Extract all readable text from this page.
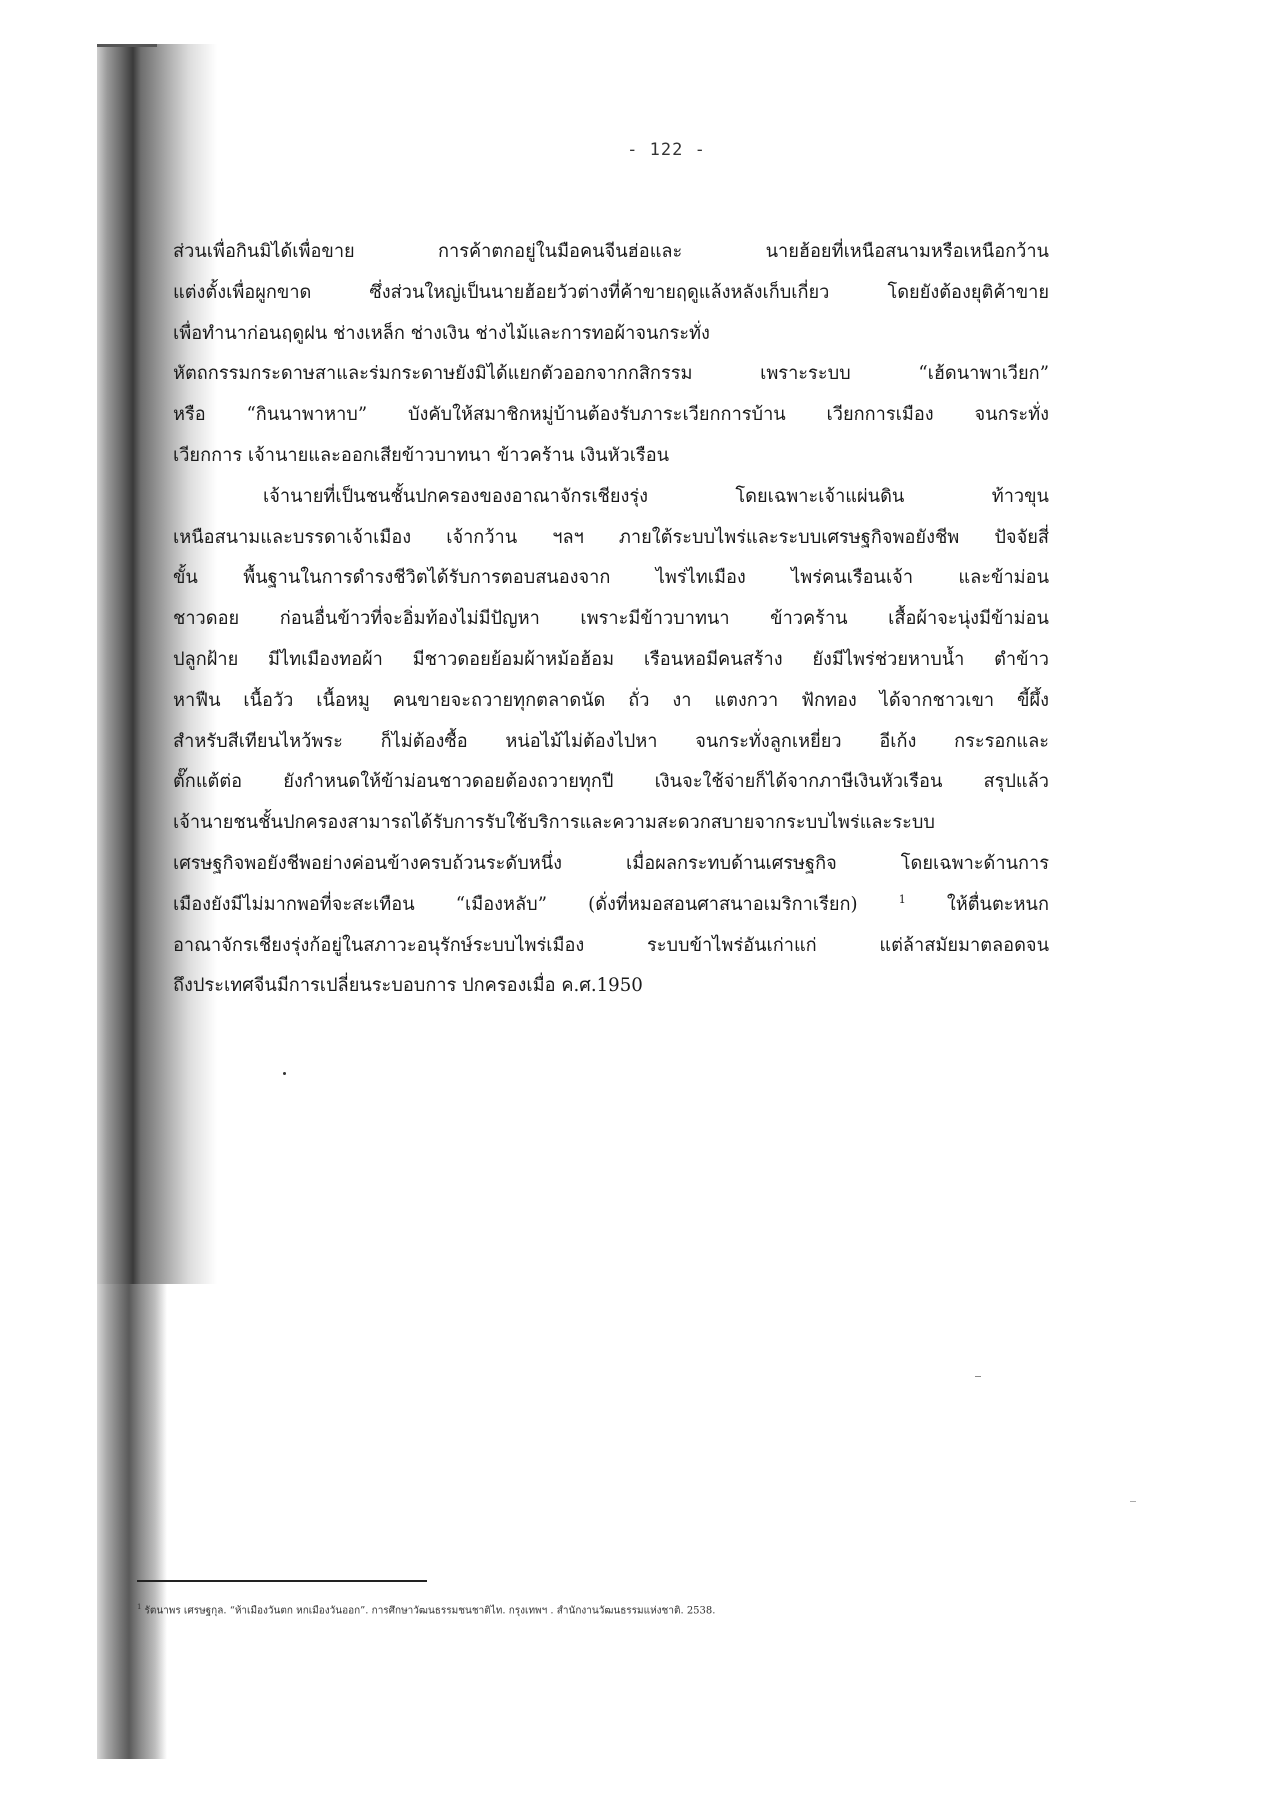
- 122 -
ส่วนเพื่อกินมิได้เพื่อขาย การค้าตกอยู่ในมือคนจีนฮ่อและ นายฮ้อยที่เหนือสนามหรือเหนือกว้าน
แต่งตั้งเพื่อผูกขาด ซึ่งส่วนใหญ่เป็นนายฮ้อยวัวต่างที่ค้าขายฤดูแล้งหลังเก็บเกี่ยว โดยยังต้องยุติค้าขาย
เพื่อทำนาก่อนฤดูฝน ช่างเหล็ก ช่างเงิน ช่างไม้และการทอผ้าจนกระทั่ง
หัตถกรรมกระดาษสาและร่มกระดาษยังมิได้แยกตัวออกจากกสิกรรม เพราะระบบ “เฮ้ดนาพาเวียก”
หรือ “กินนาพาหาบ” บังคับให้สมาชิกหมู่บ้านต้องรับภาระเวียกการบ้าน เวียกการเมือง จนกระทั่ง
เวียกการ เจ้านายและออกเสียข้าวบาทนา ข้าวคร้าน เงินหัวเรือน
เจ้านายที่เป็นชนชั้นปกครองของอาณาจักรเชียงรุ่ง โดยเฉพาะเจ้าแผ่นดิน ท้าวขุน
เหนือสนามและบรรดาเจ้าเมือง เจ้ากว้าน ฯลฯ ภายใต้ระบบไพร่และระบบเศรษฐกิจพอยังชีพ ปัจจัยสี่
ขั้น พื้นฐานในการดำรงชีวิตได้รับการตอบสนองจาก ไพร่ไทเมือง ไพร่คนเรือนเจ้า และข้าม่อน
ชาวดอย ก่อนอื่นข้าวที่จะอิ่มท้องไม่มีปัญหา เพราะมีข้าวบาทนา ข้าวคร้าน เสื้อผ้าจะนุ่งมีข้าม่อน
ปลูกฝ้าย มีไทเมืองทอผ้า มีชาวดอยย้อมผ้าหม้อฮ้อม เรือนหอมีคนสร้าง ยังมีไพร่ช่วยหาบน้ำ ตำข้าว
หาฟืน เนื้อวัว เนื้อหมู คนขายจะถวายทุกตลาดนัด ถั่ว งา แตงกวา ฟักทอง ได้จากชาวเขา ขี้ผึ้ง
สำหรับสีเทียนไหว้พระ ก็ไม่ต้องซื้อ หน่อไม้ไม่ต้องไปหา จนกระทั่งลูกเหยี่ยว อีเก้ง กระรอกและ
ตั๊กแต้ต่อ ยังกำหนดให้ข้าม่อนชาวดอยต้องถวายทุกปี เงินจะใช้จ่ายก็ได้จากภาษีเงินหัวเรือน สรุปแล้ว
เจ้านายชนชั้นปกครองสามารถได้รับการรับใช้บริการและความสะดวกสบายจากระบบไพร่และระบบ
เศรษฐกิจพอยังชีพอย่างค่อนข้างครบถ้วนระดับหนึ่ง เมื่อผลกระทบด้านเศรษฐกิจ โดยเฉพาะด้านการ
เมืองยังมีไม่มากพอที่จะสะเทือน “เมืองหลับ” (ดั่งที่หมอสอนศาสนาอเมริกาเรียก)	$^1$ ให้ตื่นตะหนก
อาณาจักรเชียงรุ่งก้อยู่ในสภาวะอนุรักษ์ระบบไพร่เมือง ระบบข้าไพร่อันเก่าแก่ แต่ล้าสมัยมาตลอดจน
ถึงประเทศจีนมีการเปลี่ยนระบอบการ ปกครองเมื่อ ค.ศ.1950
$^1$ รัตนาพร เศรษฐกุล. “ห้าเมืองวันตก หกเมืองวันออก”. การศึกษาวัฒนธรรมชนชาติไท. กรุงเทพฯ . สำนักงานวัฒนธรรมแห่งชาติ. 2538.
